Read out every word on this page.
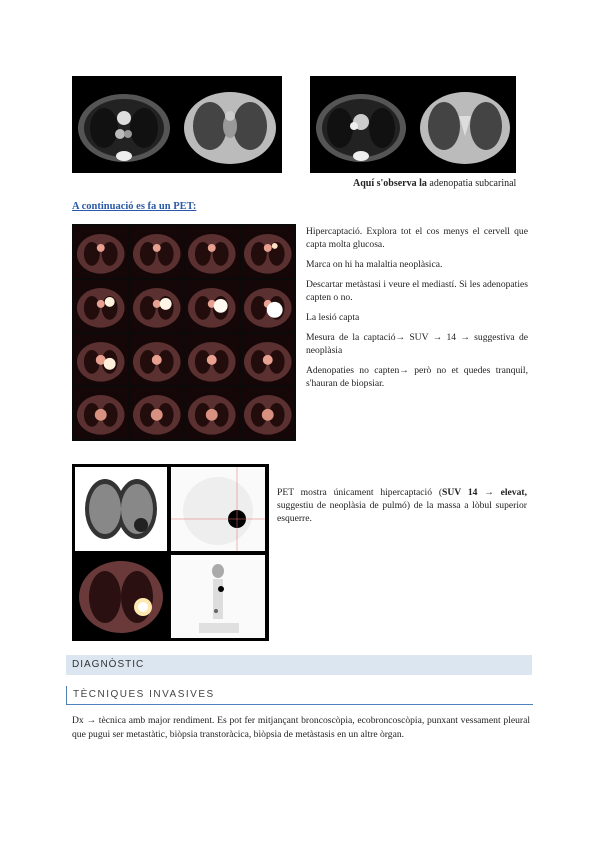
Aquí s'observa la adenopatia subcarinal
A continuació es fa un PET:

Hipercaptació. Explora tot el cos menys el cervell que capta molta glucosa.

Marca on hi ha malaltia neoplàsica.

Descartar metàstasi i veure el mediastí. Si les adenopaties capten o no.

La lesió capta

Mesura de la captació→ SUV → 14 → suggestiva de neoplàsia

Adenopaties no capten→ però no et quedes tranquil, s'hauran de biopsiar.

PET mostra únicament hipercaptació (SUV 14 → elevat, suggestiu de neoplàsia de pulmó) de la massa a lòbul superior esquerre.
DIAGNÒSTIC
TÈCNIQUES INVASIVES
Dx → tècnica amb major rendiment. Es pot fer mitjançant broncoscòpia, ecobroncoscòpia, punxant vessament pleural que pugui ser metastàtic, biòpsia transtoràcica, biòpsia de metàstasis en un altre òrgan.
